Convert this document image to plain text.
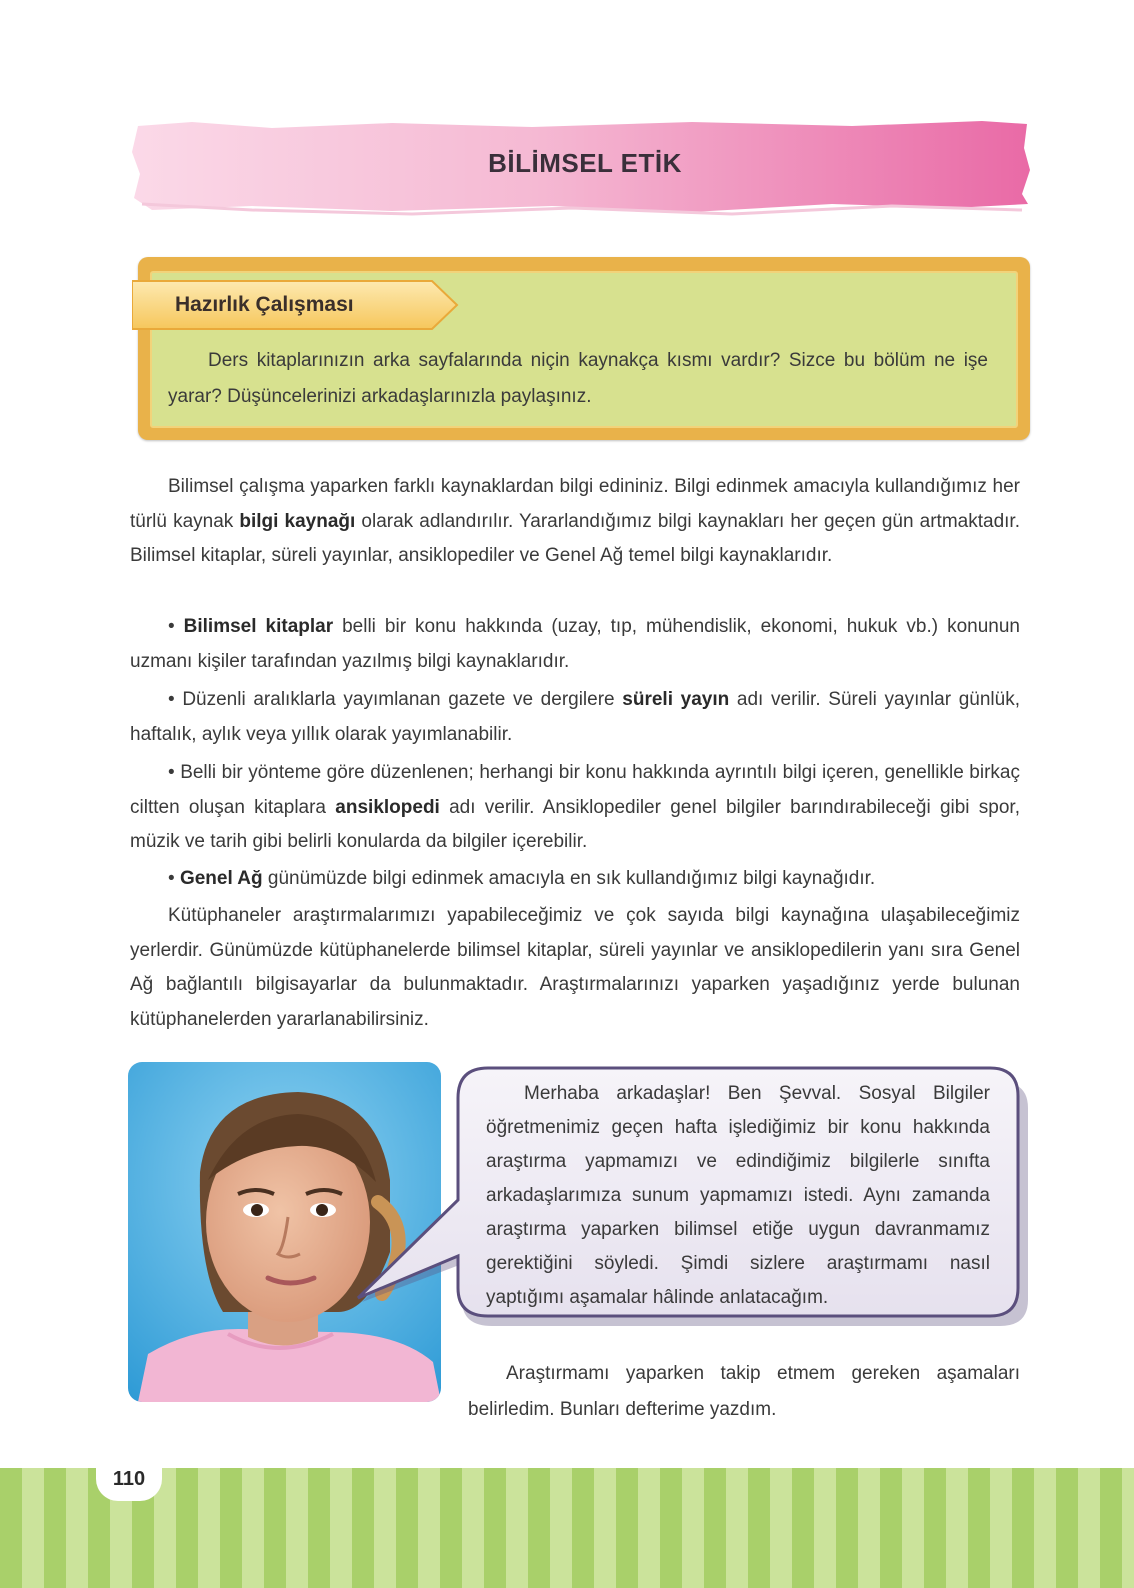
BİLİMSEL ETİK
Hazırlık Çalışması
Ders kitaplarınızın arka sayfalarında niçin kaynakça kısmı vardır? Sizce bu bölüm ne işe yarar? Düşüncelerinizi arkadaşlarınızla paylaşınız.

Bilimsel çalışma yaparken farklı kaynaklardan bilgi edininiz. Bilgi edinmek amacıyla kullandığımız her türlü kaynak bilgi kaynağı olarak adlandırılır. Yararlandığımız bilgi kaynakları her geçen gün artmaktadır. Bilimsel kitaplar, süreli yayınlar, ansiklopediler ve Genel Ağ temel bilgi kaynaklarıdır.

• Bilimsel kitaplar belli bir konu hakkında (uzay, tıp, mühendislik, ekonomi, hukuk vb.) konunun uzmanı kişiler tarafından yazılmış bilgi kaynaklarıdır.

• Düzenli aralıklarla yayımlanan gazete ve dergilere süreli yayın adı verilir. Süreli yayınlar günlük, haftalık, aylık veya yıllık olarak yayımlanabilir.

• Belli bir yönteme göre düzenlenen; herhangi bir konu hakkında ayrıntılı bilgi içeren, genellikle birkaç ciltten oluşan kitaplara ansiklopedi adı verilir. Ansiklopediler genel bilgiler barındırabileceği gibi spor, müzik ve tarih gibi belirli konularda da bilgiler içerebilir.

• Genel Ağ günümüzde bilgi edinmek amacıyla en sık kullandığımız bilgi kaynağıdır.

Kütüphaneler araştırmalarımızı yapabileceğimiz ve çok sayıda bilgi kaynağına ulaşabileceğimiz yerlerdir. Günümüzde kütüphanelerde bilimsel kitaplar, süreli yayınlar ve ansiklopedilerin yanı sıra Genel Ağ bağlantılı bilgisayarlar da bulunmaktadır. Araştırmalarınızı yaparken yaşadığınız yerde bulunan kütüphanelerden yararlanabilirsiniz.

Merhaba arkadaşlar! Ben Şevval. Sosyal Bilgiler öğretmenimiz geçen hafta işlediğimiz bir konu hakkında araştırma yapmamızı ve edindiğimiz bilgilerle sınıfta arkadaşlarımıza sunum yapmamızı istedi. Aynı zamanda araştırma yaparken bilimsel etiğe uygun davranmamız gerektiğini söyledi. Şimdi sizlere araştırmamı nasıl yaptığımı aşamalar hâlinde anlatacağım.
Araştırmamı yaparken takip etmem gereken aşamaları belirledim. Bunları defterime yazdım.
110
